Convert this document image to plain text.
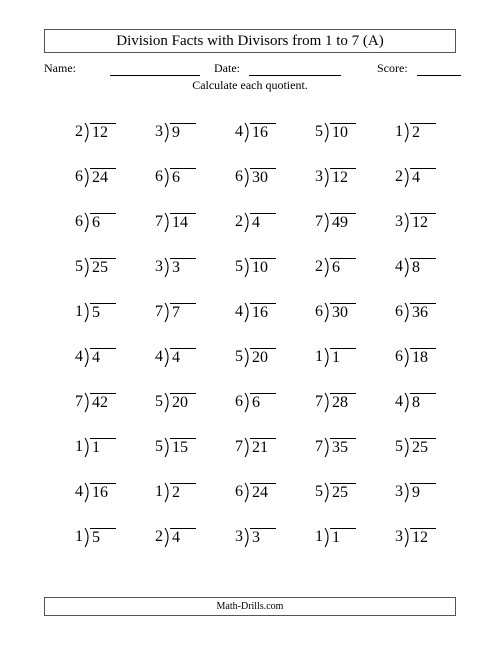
Division Facts with Divisors from 1 to 7 (A)
Name:	Date:	Score:
Calculate each quotient.
2 12	3 9	4 16	5 10	1 2
6 24	6 6	6 30	3 12	2 4
6 6	7 14	2 4	7 49	3 12
5 25	3 3	5 10	2 6	4 8
1 5	7 7	4 16	6 30	6 36
4 4	4 4	5 20	1 1	6 18
7 42	5 20	6 6	7 28	4 8
1 1	5 15	7 21	7 35	5 25
4 16	1 2	6 24	5 25	3 9
1 5	2 4	3 3	1 1	3 12
Math-Drills.com
